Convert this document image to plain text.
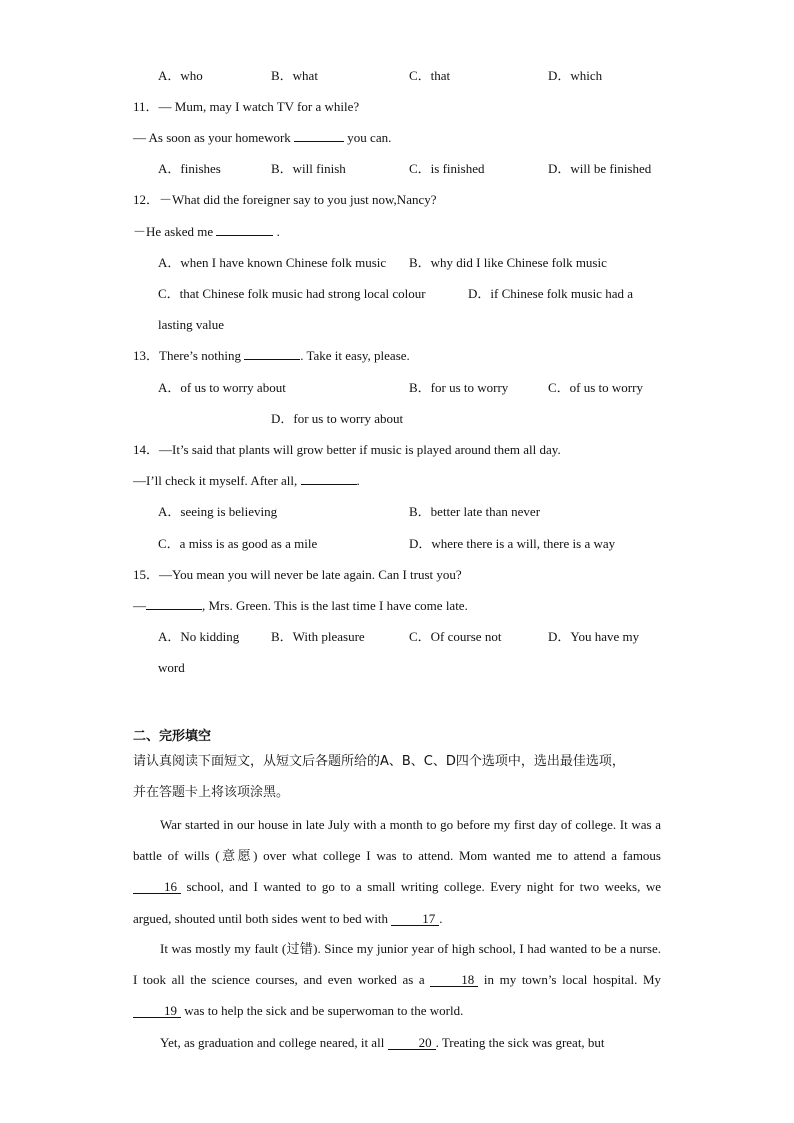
A．who	B．what	C．that	D．which
11．— Mum, may I watch TV for a while?
— As soon as your homework	you can.
A．finishes	B．will finish	C．is finished	D．will be finished
12．－What did the foreigner say to you just now,Nancy?
－He asked me	.
A．when I have known Chinese folk music B．why did I like Chinese folk music
C．that Chinese folk music had strong local colour	D．if Chinese folk music had a
lasting value
13．There’s nothing	. Take it easy, please.
A．of us to worry about	B．for us to worry	C．of us to worry
D．for us to worry about
14．—It’s said that plants will grow better if music is played around them all day.
—I’ll check it myself. After all,	.
A．seeing is believing	B．better late than never
C．a miss is as good as a mile	D．where there is a will, there is a way
15．—You mean you will never be late again. Can I trust you?
—	, Mrs. Green. This is the last time I have come late.
A．No kidding B．With pleasure	C．Of course not	D．You have my
word
二、完形填空
请认真阅读下面短文，从短文后各题所给的A、B、C、D四个选项中，选出最佳选项，
并在答题卡上将该项涂黑。
War started in our house in late July with a month to go before my first day of college. It was a battle of wills (意愿) over what college I was to attend. Mom wanted me to attend a famous 16 school, and I wanted to go to a small writing college. Every night for two weeks, we argued, shouted until both sides went to bed with	17 .
It was mostly my fault (过错). Since my junior year of high school, I had wanted to be a nurse. I took all the science courses, and even worked as a	18 in my town’s local hospital. My 19 was to help the sick and be superwoman to the world.
Yet, as graduation and college neared, it all	20 . Treating the sick was great, but
